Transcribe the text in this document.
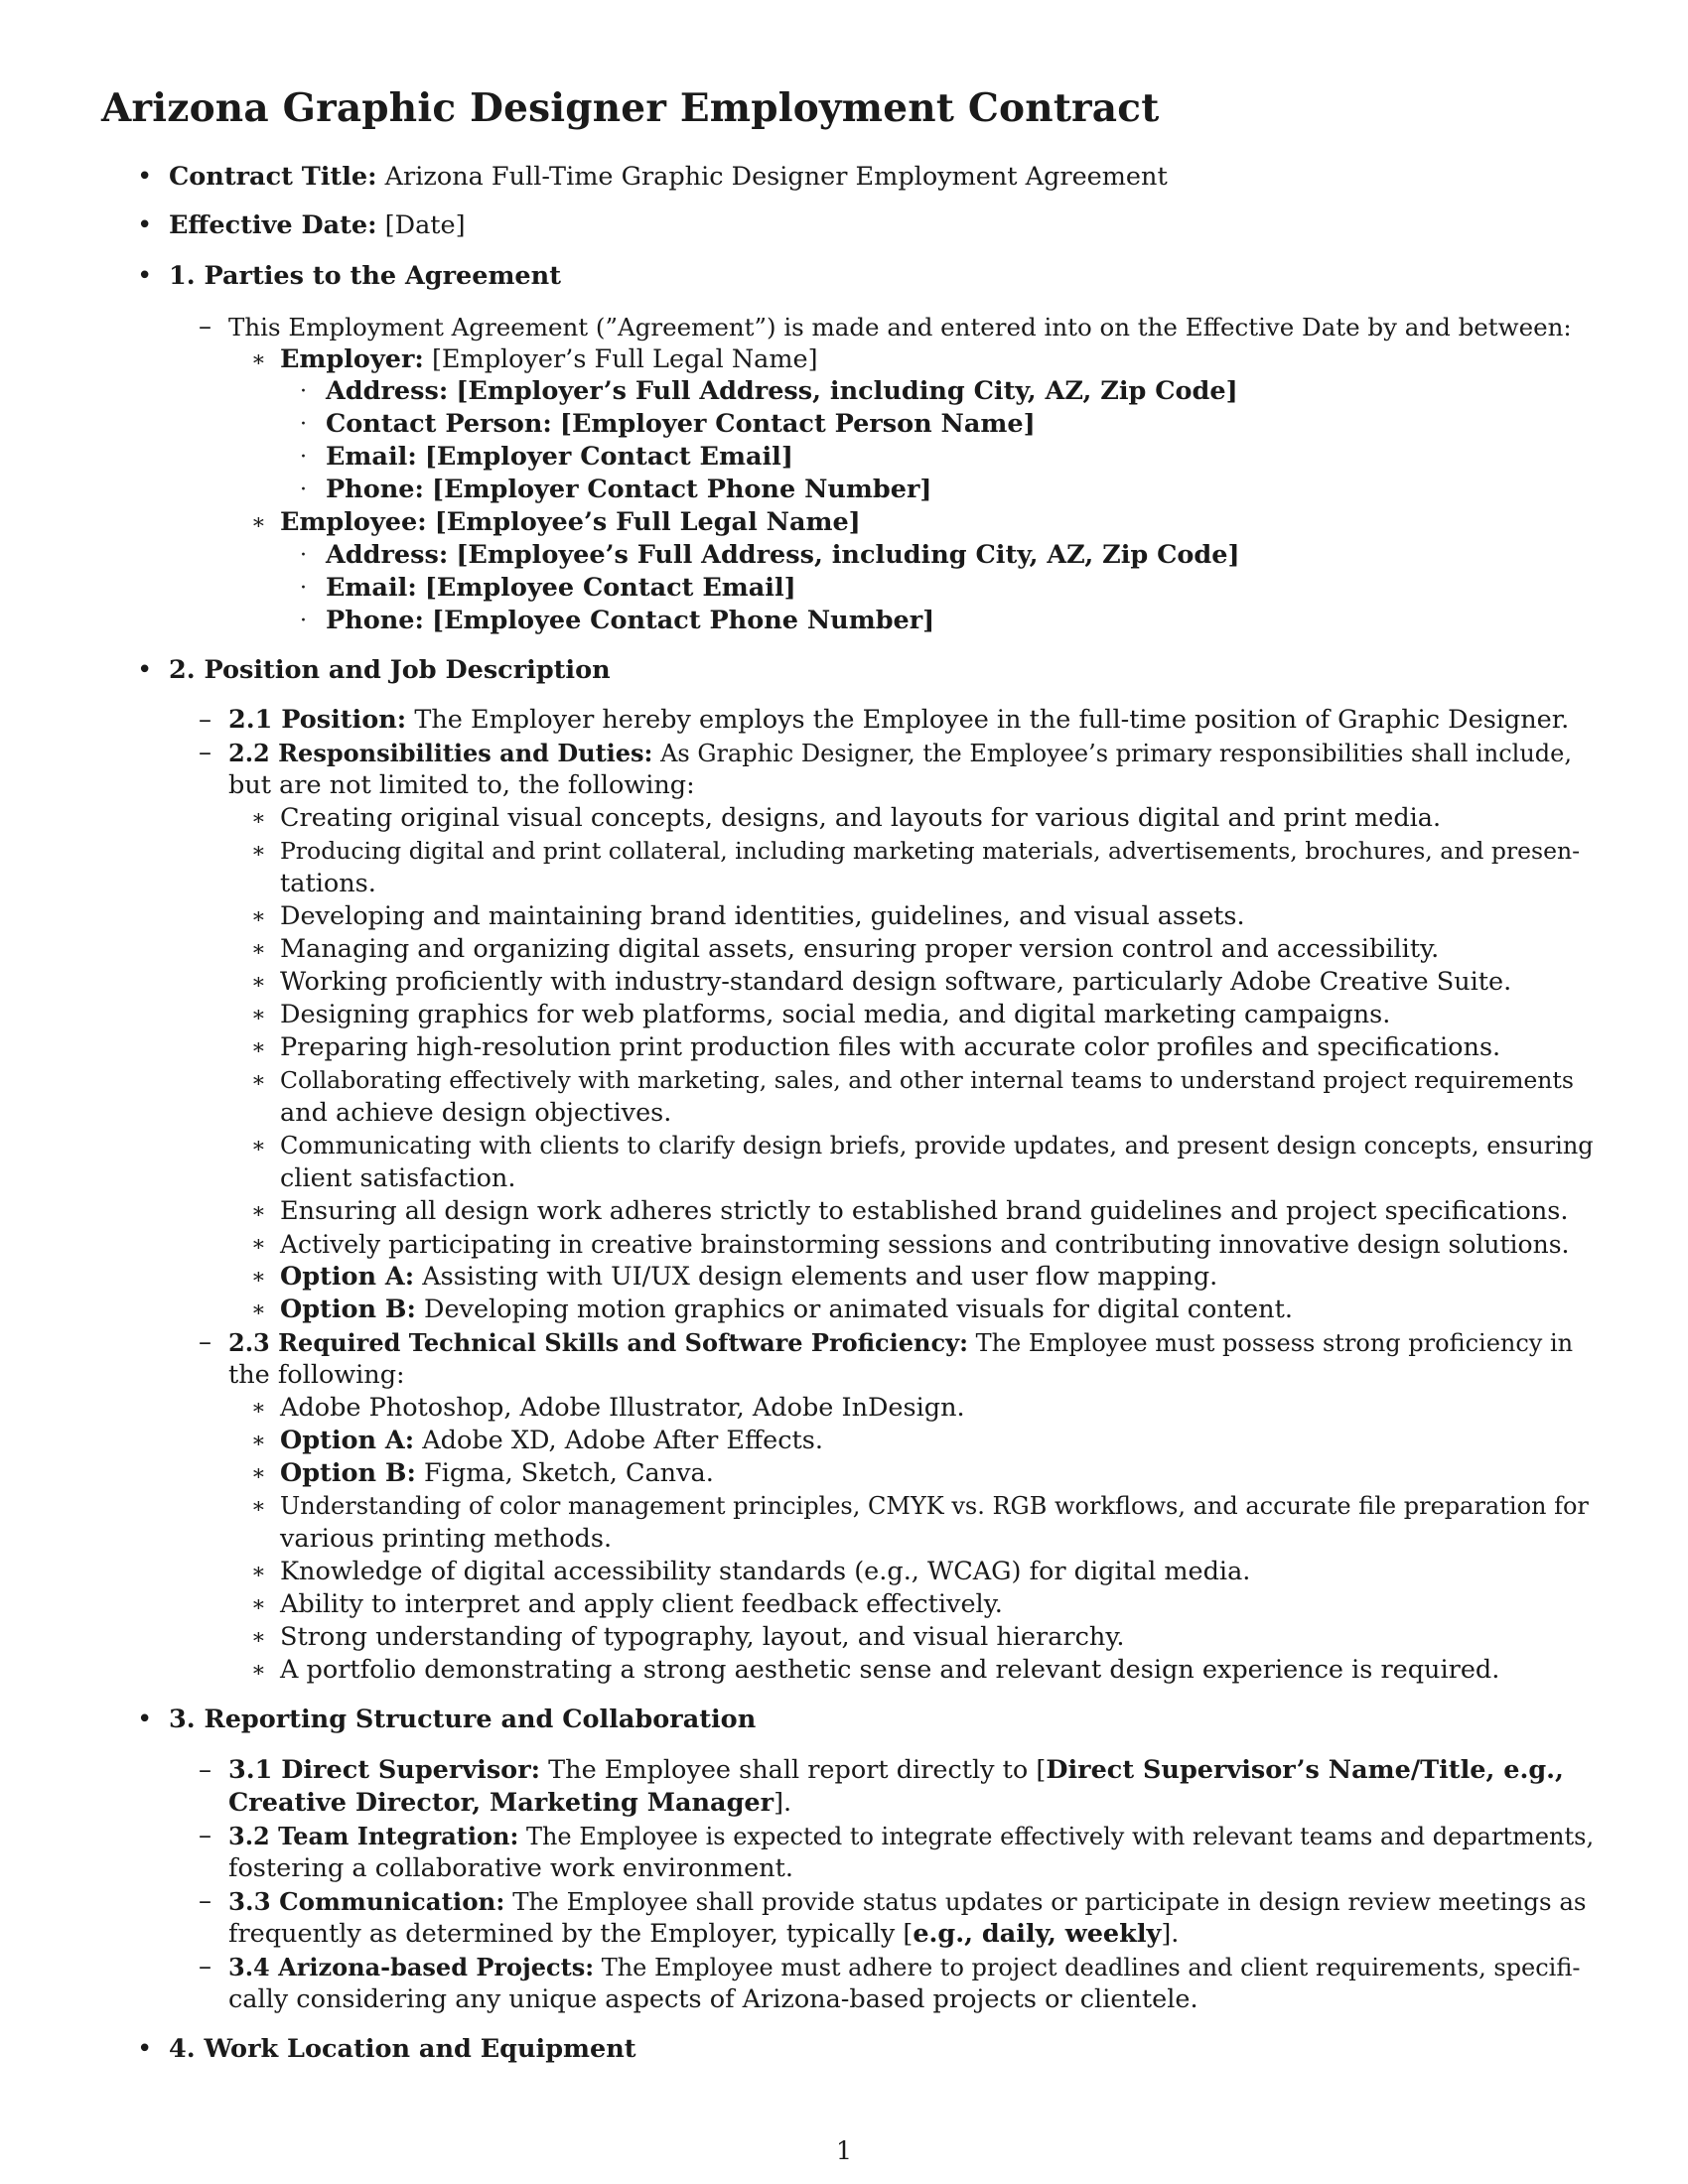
Arizona Graphic Designer Employment Contract
• Contract Title: Arizona Full-Time Graphic Designer Employment Agreement
• Effective Date: [Date]
• 1. Parties to the Agreement
– This Employment Agreement (”Agreement”) is made and entered into on the Effective Date by and between:
∗ Employer: [Employer’s Full Legal Name]
· Address: [Employer’s Full Address, including City, AZ, Zip Code]
· Contact Person: [Employer Contact Person Name]
· Email: [Employer Contact Email]
· Phone: [Employer Contact Phone Number]
∗ Employee: [Employee’s Full Legal Name]
· Address: [Employee’s Full Address, including City, AZ, Zip Code]
· Email: [Employee Contact Email]
· Phone: [Employee Contact Phone Number]
• 2. Position and Job Description
– 2.1 Position: The Employer hereby employs the Employee in the full-time position of Graphic Designer.
– 2.2 Responsibilities and Duties: As Graphic Designer, the Employee’s primary responsibilities shall include,
but are not limited to, the following:
∗ Creating original visual concepts, designs, and layouts for various digital and print media.
∗ Producing digital and print collateral, including marketing materials, advertisements, brochures, and presen-
tations.
∗ Developing and maintaining brand identities, guidelines, and visual assets.
∗ Managing and organizing digital assets, ensuring proper version control and accessibility.
∗ Working proficiently with industry-standard design software, particularly Adobe Creative Suite.
∗ Designing graphics for web platforms, social media, and digital marketing campaigns.
∗ Preparing high-resolution print production files with accurate color profiles and specifications.
∗ Collaborating effectively with marketing, sales, and other internal teams to understand project requirements
and achieve design objectives.
∗ Communicating with clients to clarify design briefs, provide updates, and present design concepts, ensuring
client satisfaction.
∗ Ensuring all design work adheres strictly to established brand guidelines and project specifications.
∗ Actively participating in creative brainstorming sessions and contributing innovative design solutions.
∗ Option A: Assisting with UI/UX design elements and user flow mapping.
∗ Option B: Developing motion graphics or animated visuals for digital content.
– 2.3 Required Technical Skills and Software Proficiency: The Employee must possess strong proficiency in
the following:
∗ Adobe Photoshop, Adobe Illustrator, Adobe InDesign.
∗ Option A: Adobe XD, Adobe After Effects.
∗ Option B: Figma, Sketch, Canva.
∗ Understanding of color management principles, CMYK vs. RGB workflows, and accurate file preparation for
various printing methods.
∗ Knowledge of digital accessibility standards (e.g., WCAG) for digital media.
∗ Ability to interpret and apply client feedback effectively.
∗ Strong understanding of typography, layout, and visual hierarchy.
∗ A portfolio demonstrating a strong aesthetic sense and relevant design experience is required.
• 3. Reporting Structure and Collaboration
– 3.1 Direct Supervisor: The Employee shall report directly to [Direct Supervisor’s Name/Title, e.g.,
Creative Director, Marketing Manager].
– 3.2 Team Integration: The Employee is expected to integrate effectively with relevant teams and departments,
fostering a collaborative work environment.
– 3.3 Communication: The Employee shall provide status updates or participate in design review meetings as
frequently as determined by the Employer, typically [e.g., daily, weekly].
– 3.4 Arizona-based Projects: The Employee must adhere to project deadlines and client requirements, specifi-
cally considering any unique aspects of Arizona-based projects or clientele.
• 4. Work Location and Equipment
1
